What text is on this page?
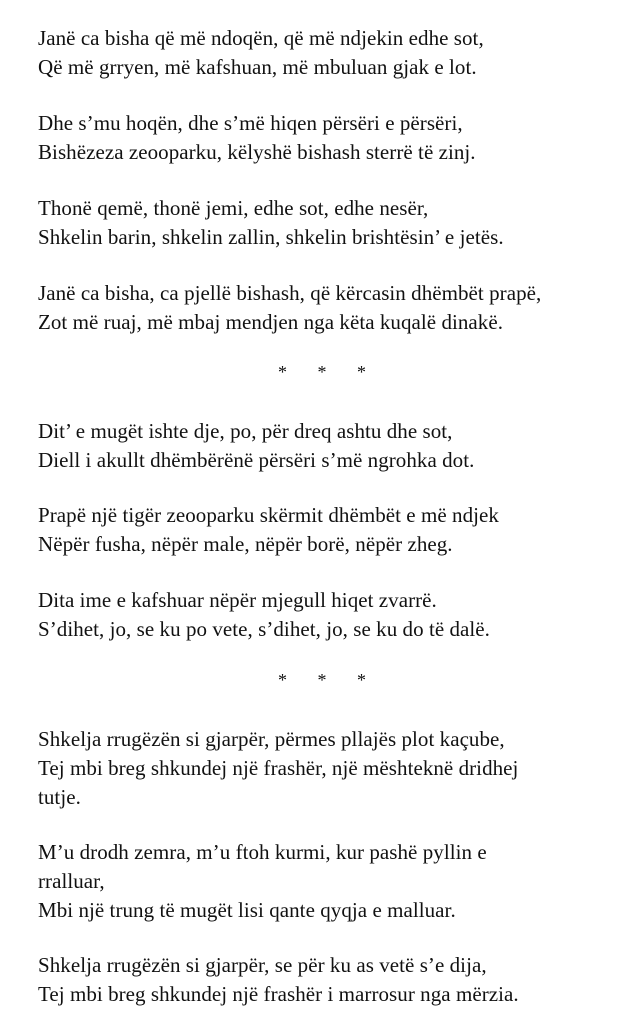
Janë ca bisha që më ndoqën, që më ndjekin edhe sot,
Që më grryen, më kafshuan, më mbuluan gjak e lot.
Dhe s’mu hoqën, dhe s’më hiqen përsëri e përsëri,
Bishëzeza zeooparku, këlyshë bishash sterrë të zinj.
Thonë qemë, thonë jemi, edhe sot, edhe nesër,
Shkelin barin, shkelin zallin, shkelin brishtësin’ e jetës.
Janë ca bisha, ca pjellë bishash, që kërcasin dhëmbët prapë,
Zot më ruaj, më mbaj mendjen nga këta kuqalë dinakë.
* * *
Dit’ e mugët ishte dje, po, për dreq ashtu dhe sot,
Diell i akullt dhëmbërënë përsëri s’më ngrohka dot.
Prapë një tigër zeooparku skërmit dhëmbët e më ndjek
Nëpër fusha, nëpër male, nëpër borë, nëpër zheg.
Dita ime e kafshuar nëpër mjegull hiqet zvarrë.
S’dihet, jo, se ku po vete, s’dihet, jo, se ku do të dalë.
* * *
Shkelja rrugëzën si gjarpër, përmes pllajës plot kaçube,
Tej mbi breg shkundej një frashër, një mështeknë dridhej
tutje.
M’u drodh zemra, m’u ftoh kurmi, kur pashë pyllin e
rralluar,
Mbi një trung të mugët lisi qante qyqja e malluar.
Shkelja rrugëzën si gjarpër, se për ku as vetë s’e dija,
Tej mbi breg shkundej një frashër i marrosur nga mërzia.
